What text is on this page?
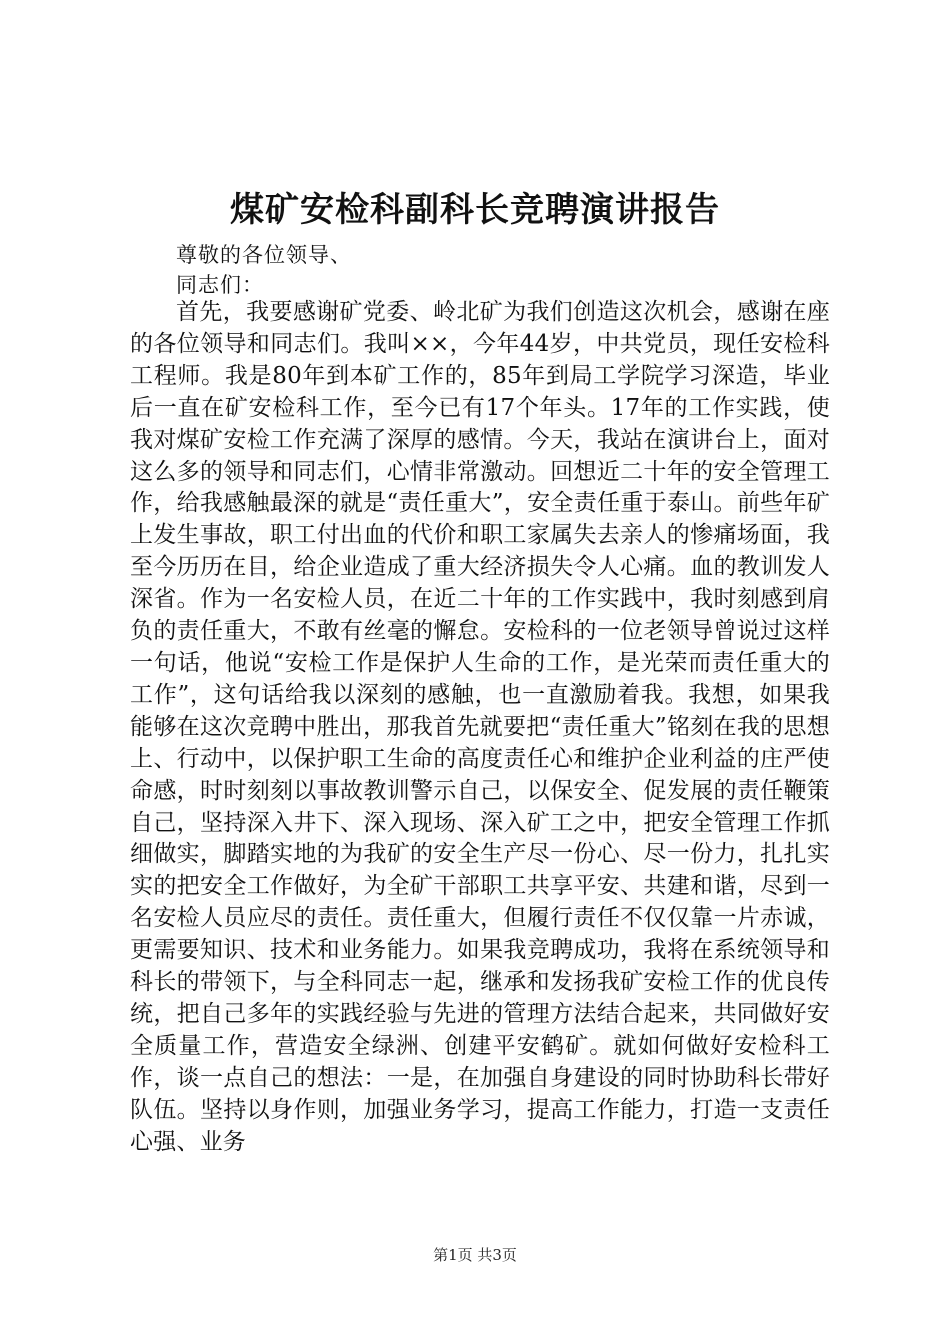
煤矿安检科副科长竞聘演讲报告
尊敬的各位领导、
同志们：
首先，我要感谢矿党委、岭北矿为我们创造这次机会，感谢在座的各位领导和同志们。我叫××，今年44岁，中共党员，现任安检科工程师。我是80年到本矿工作的，85年到局工学院学习深造，毕业后一直在矿安检科工作，至今已有17个年头。17年的工作实践，使我对煤矿安检工作充满了深厚的感情。今天，我站在演讲台上，面对这么多的领导和同志们，心情非常激动。回想近二十年的安全管理工作，给我感触最深的就是“责任重大”，安全责任重于泰山。前些年矿上发生事故，职工付出血的代价和职工家属失去亲人的惨痛场面，我至今历历在目，给企业造成了重大经济损失令人心痛。血的教训发人深省。作为一名安检人员，在近二十年的工作实践中，我时刻感到肩负的责任重大，不敢有丝毫的懈怠。安检科的一位老领导曾说过这样一句话，他说“安检工作是保护人生命的工作，是光荣而责任重大的工作”，这句话给我以深刻的感触，也一直激励着我。我想，如果我能够在这次竞聘中胜出，那我首先就要把“责任重大”铭刻在我的思想上、行动中，以保护职工生命的高度责任心和维护企业利益的庄严使命感，时时刻刻以事故教训警示自己，以保安全、促发展的责任鞭策自己，坚持深入井下、深入现场、深入矿工之中，把安全管理工作抓细做实，脚踏实地的为我矿的安全生产尽一份心、尽一份力，扎扎实实的把安全工作做好，为全矿干部职工共享平安、共建和谐，尽到一名安检人员应尽的责任。责任重大，但履行责任不仅仅靠一片赤诚，更需要知识、技术和业务能力。如果我竞聘成功，我将在系统领导和科长的带领下，与全科同志一起，继承和发扬我矿安检工作的优良传统，把自己多年的实践经验与先进的管理方法结合起来，共同做好安全质量工作，营造安全绿洲、创建平安鹤矿。就如何做好安检科工作，谈一点自己的想法：一是，在加强自身建设的同时协助科长带好队伍。坚持以身作则，加强业务学习，提高工作能力，打造一支责任心强、业务
第1页 共3页
